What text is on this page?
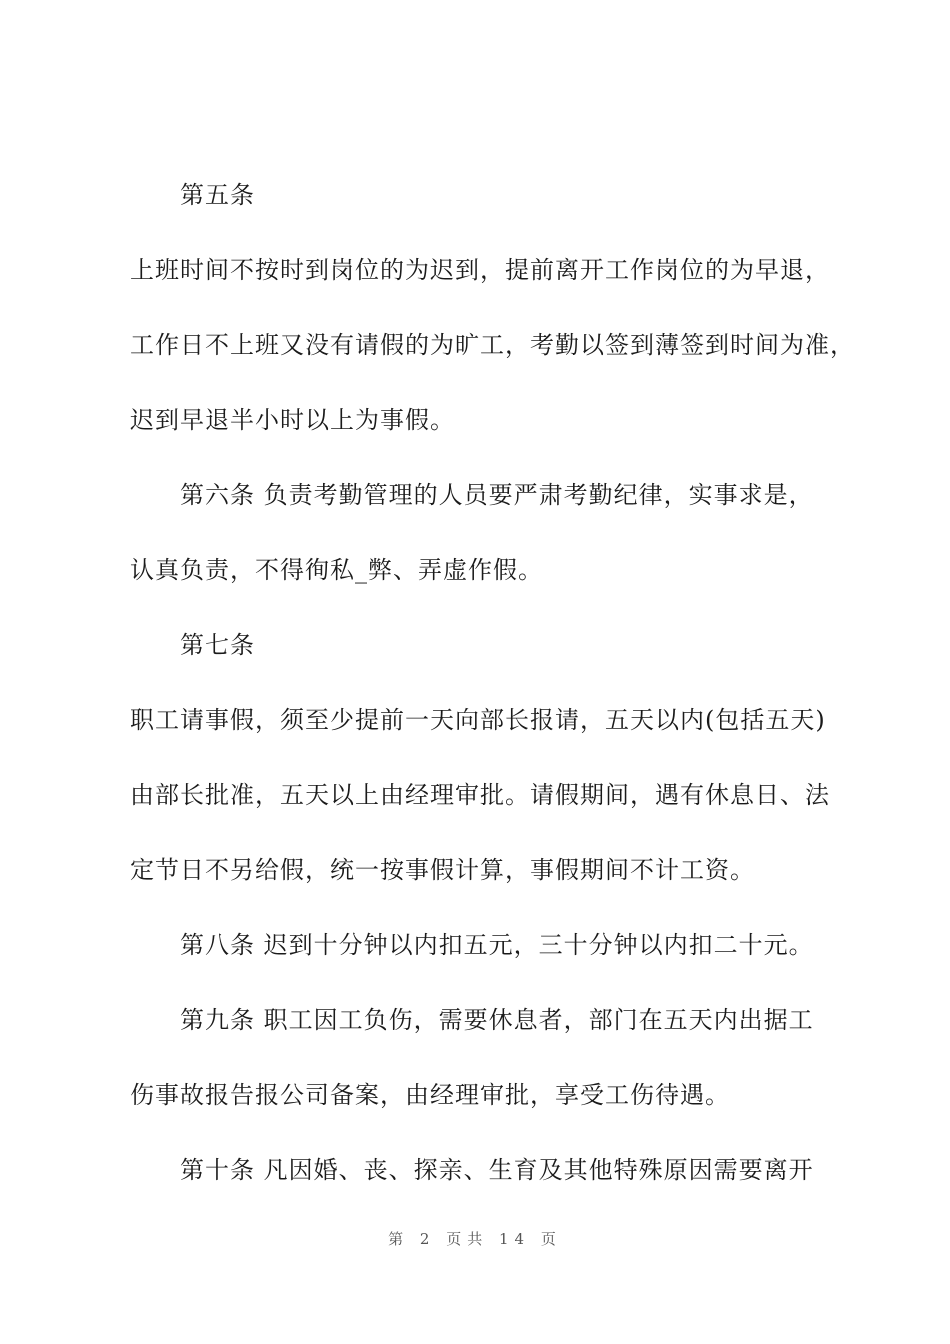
第五条
上班时间不按时到岗位的为迟到，提前离开工作岗位的为早退，
工作日不上班又没有请假的为旷工，考勤以签到薄签到时间为准，
迟到早退半小时以上为事假。
第六条 负责考勤管理的人员要严肃考勤纪律，实事求是，
认真负责，不得徇私_弊、弄虚作假。
第七条
职工请事假，须至少提前一天向部长报请，五天以内(包括五天)
由部长批准，五天以上由经理审批。请假期间，遇有休息日、法
定节日不另给假，统一按事假计算，事假期间不计工资。
第八条 迟到十分钟以内扣五元，三十分钟以内扣二十元。
第九条 职工因工负伤，需要休息者，部门在五天内出据工
伤事故报告报公司备案，由经理审批，享受工伤待遇。
第十条 凡因婚、丧、探亲、生育及其他特殊原因需要离开
第 2 页共 14 页
